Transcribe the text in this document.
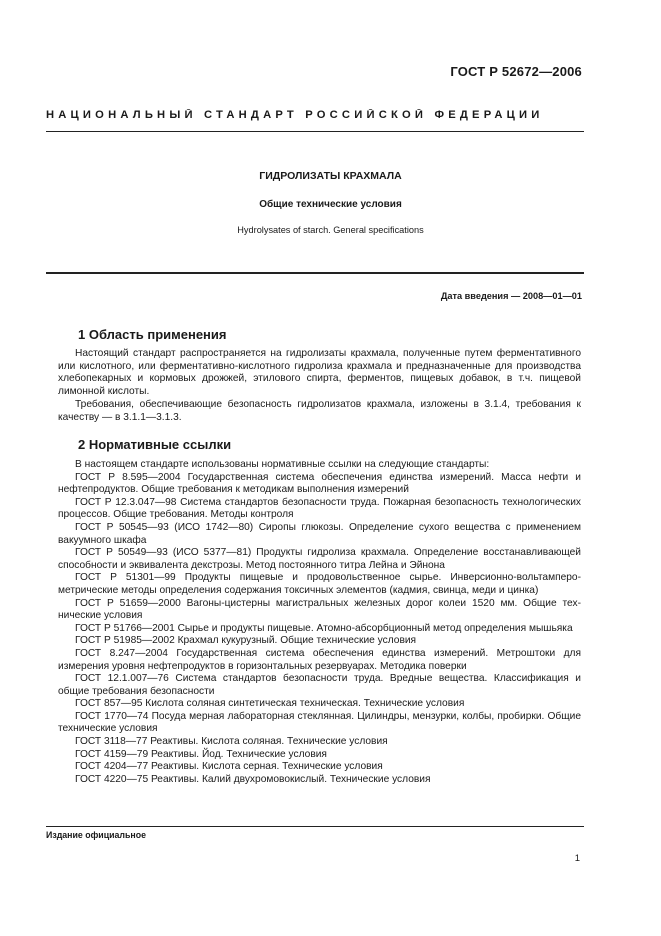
ГОСТ Р 52672—2006
НАЦИОНАЛЬНЫЙ СТАНДАРТ РОССИЙСКОЙ ФЕДЕРАЦИИ
ГИДРОЛИЗАТЫ КРАХМАЛА
Общие технические условия
Hydrolysates of starch. General specifications
Дата введения — 2008—01—01
1 Область применения
Настоящий стандарт распространяется на гидролизаты крахмала, полученные путем ферментативного или кислотного, или ферментативно-кислотного гидролиза крахмала и предназначенные для производства хлебопекарных и кормовых дрожжей, этилового спирта, ферментов, пищевых добавок, в т.ч. пищевой лимонной кислоты.
Требования, обеспечивающие безопасность гидролизатов крахмала, изложены в 3.1.4, требования к качеству — в 3.1.1—3.1.3.
2 Нормативные ссылки
В настоящем стандарте использованы нормативные ссылки на следующие стандарты:
ГОСТ Р 8.595—2004 Государственная система обеспечения единства измерений. Масса нефти и нефтепродуктов. Общие требования к методикам выполнения измерений
ГОСТ Р 12.3.047—98 Система стандартов безопасности труда. Пожарная безопасность технологических процессов. Общие требования. Методы контроля
ГОСТ Р 50545—93 (ИСО 1742—80) Сиропы глюкозы. Определение сухого вещества с применением вакуумного шкафа
ГОСТ Р 50549—93 (ИСО 5377—81) Продукты гидролиза крахмала. Определение восстанавливающей способности и эквивалента декстрозы. Метод постоянного титра Лейна и Эйнона
ГОСТ Р 51301—99 Продукты пищевые и продовольственное сырье. Инверсионно-вольтамперометрические методы определения содержания токсичных элементов (кадмия, свинца, меди и цинка)
ГОСТ Р 51659—2000 Вагоны-цистерны магистральных железных дорог колеи 1520 мм. Общие технические условия
ГОСТ Р 51766—2001 Сырье и продукты пищевые. Атомно-абсорбционный метод определения мышьяка
ГОСТ Р 51985—2002 Крахмал кукурузный. Общие технические условия
ГОСТ 8.247—2004 Государственная система обеспечения единства измерений. Метроштоки для измерения уровня нефтепродуктов в горизонтальных резервуарах. Методика поверки
ГОСТ 12.1.007—76 Система стандартов безопасности труда. Вредные вещества. Классификация и общие требования безопасности
ГОСТ 857—95 Кислота соляная синтетическая техническая. Технические условия
ГОСТ 1770—74 Посуда мерная лабораторная стеклянная. Цилиндры, мензурки, колбы, пробирки. Общие технические условия
ГОСТ 3118—77 Реактивы. Кислота соляная. Технические условия
ГОСТ 4159—79 Реактивы. Йод. Технические условия
ГОСТ 4204—77 Реактивы. Кислота серная. Технические условия
ГОСТ 4220—75 Реактивы. Калий двухромовокислый. Технические условия
Издание официальное
1
